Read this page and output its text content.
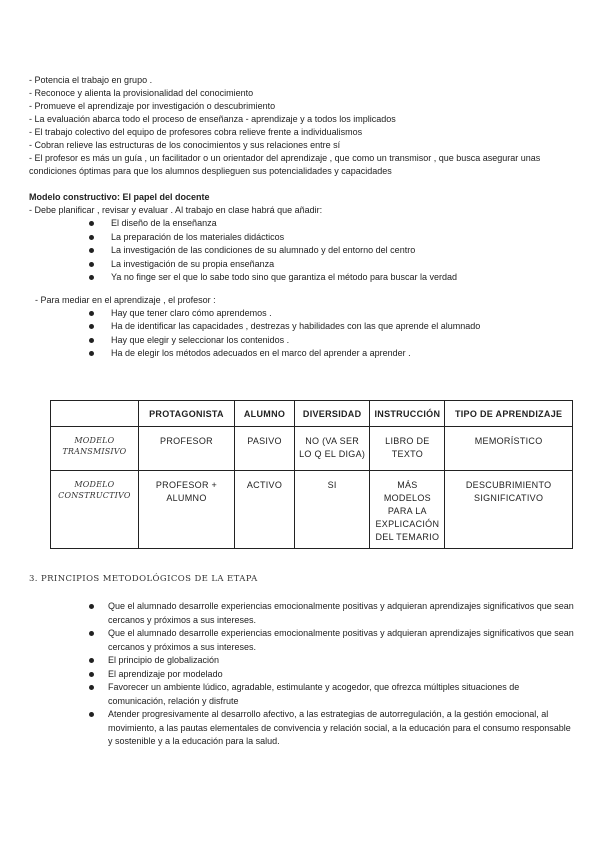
- Potencia el trabajo en grupo .
- Reconoce y alienta la provisionalidad del conocimiento
- Promueve el aprendizaje por investigación o descubrimiento
- La evaluación abarca todo el proceso de enseñanza - aprendizaje y a todos los implicados
- El trabajo colectivo del equipo de profesores cobra relieve frente a individualismos
- Cobran relieve las estructuras de los conocimientos y sus relaciones entre sí
- El profesor es más un guía , un facilitador o un orientador del aprendizaje , que como un transmisor , que busca asegurar unas condiciones óptimas para que los alumnos desplieguen sus potencialidades y capacidades
Modelo constructivo: El papel del docente
- Debe planificar , revisar y evaluar . Al trabajo en clase habrá que añadir:
El diseño de la enseñanza
La preparación de los materiales didácticos
La investigación de las condiciones de su alumnado y del entorno del centro
La investigación de su propia enseñanza
Ya no finge ser el que lo sabe todo sino que garantiza el método para buscar la verdad
- Para mediar en el aprendizaje , el profesor :
Hay que tener claro cómo aprendemos .
Ha de identificar las capacidades , destrezas y habilidades con las que aprende el alumnado
Hay que elegir y seleccionar los contenidos .
Ha de elegir los métodos adecuados en el marco del aprender a aprender .
	PROTAGONISTA	ALUMNO	DIVERSIDAD	INSTRUCCIÓN	TIPO DE APRENDIZAJE
MODELO TRANSMISIVO	PROFESOR	PASIVO	NO (VA SER LO Q EL DIGA)	LIBRO DE TEXTO	MEMORÍSTICO
MODELO CONSTRUCTIVO	PROFESOR + ALUMNO	ACTIVO	SI	MÁS MODELOS PARA LA EXPLICACIÓN DEL TEMARIO	DESCUBRIMIENTO SIGNIFICATIVO
3. PRINCIPIOS METODOLÓGICOS DE LA ETAPA
Que el alumnado desarrolle experiencias emocionalmente positivas y adquieran aprendizajes significativos que sean cercanos y próximos a sus intereses.
Que el alumnado desarrolle experiencias emocionalmente positivas y adquieran aprendizajes significativos que sean cercanos y próximos a sus intereses.
El principio de globalización
El aprendizaje por modelado
Favorecer un ambiente lúdico, agradable, estimulante y acogedor, que ofrezca múltiples situaciones de comunicación, relación y disfrute
Atender progresivamente al desarrollo afectivo, a las estrategias de autorregulación, a la gestión emocional, al movimiento, a las pautas elementales de convivencia y relación social, a la educación para el consumo responsable y sostenible y a la educación para la salud.
